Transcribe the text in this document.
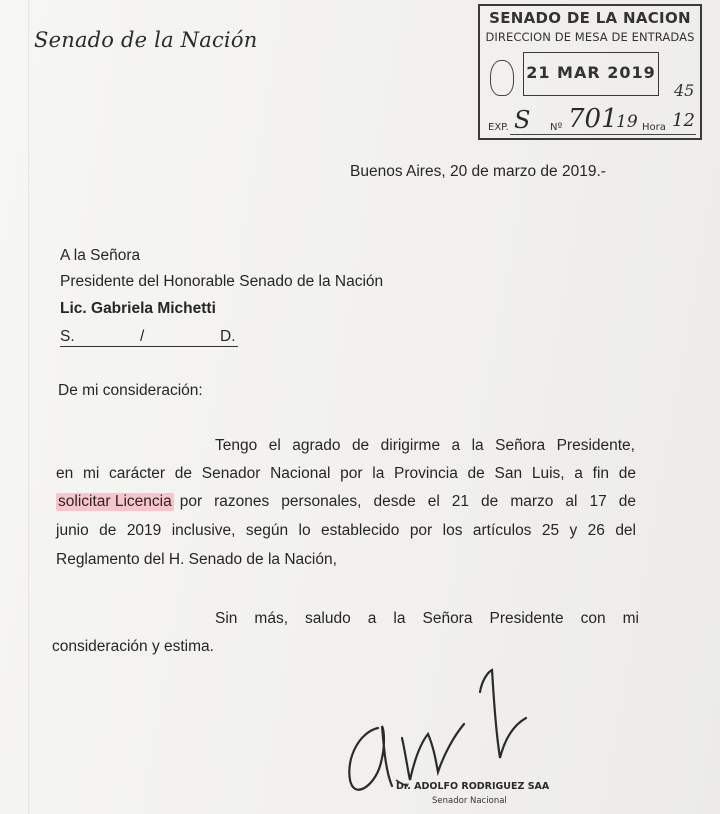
Senado de la Nación
SENADO DE LA NACION
DIRECCION DE MESA DE ENTRADAS
21 MAR 2019
45
EXP. S Nº 701
19 Hora 12
Buenos Aires, 20 de marzo de 2019.-
A la Señora
Presidente del Honorable Senado de la Nación
Lic. Gabriela Michetti
S.	/	D.
De mi consideración:
Tengo el agrado de dirigirme a la Señora Presidente,
en mi carácter de Senador Nacional por la Provincia de San Luis, a fin de
solicitar Licencia por razones personales, desde el 21 de marzo al 17 de
junio de 2019 inclusive, según lo establecido por los artículos 25 y 26 del
Reglamento del H. Senado de la Nación,
Sin más, saludo a la Señora Presidente con mi
consideración y estima.
Dr. ADOLFO RODRIGUEZ SAA
Senador Nacional
